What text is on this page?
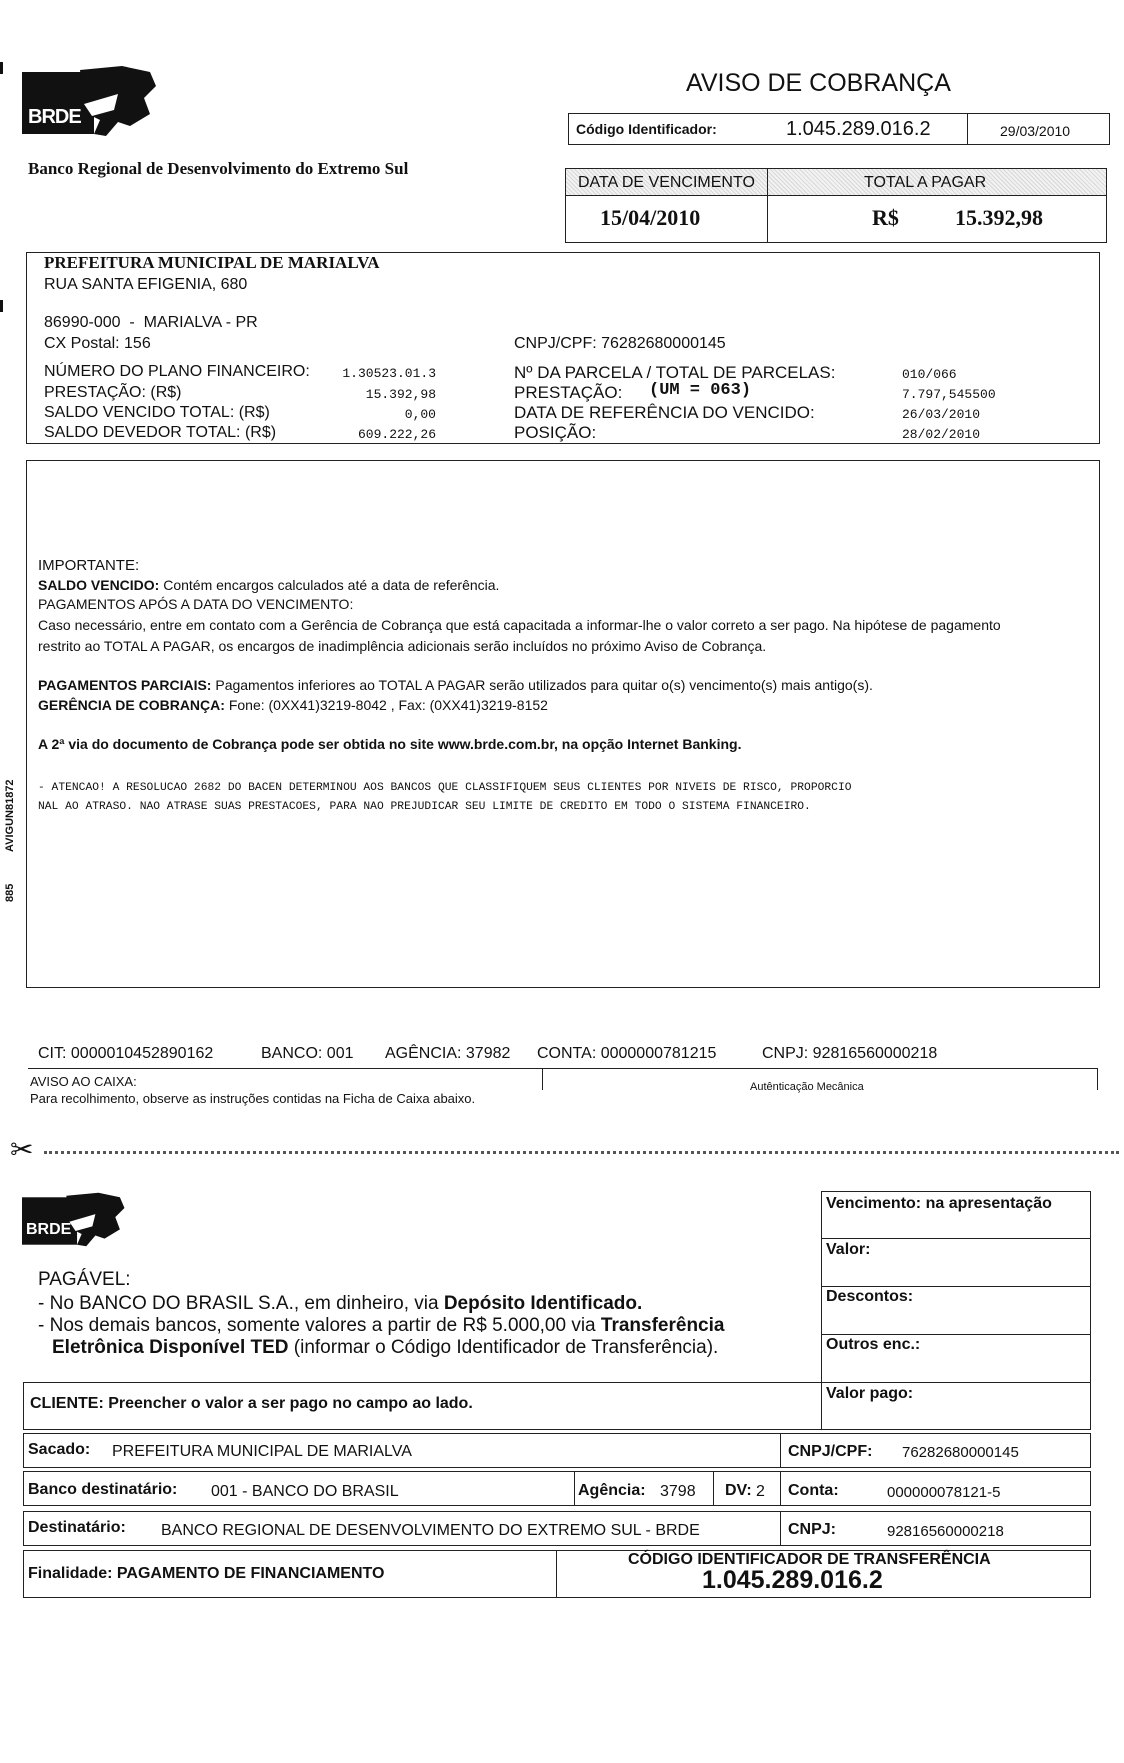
BRDE
Banco Regional de Desenvolvimento do Extremo Sul
AVISO DE COBRANÇA
Código Identificador:	1.045.289.016.2	29/03/2010
DATA DE VENCIMENTO	TOTAL A PAGAR
15/04/2010	R$	15.392,98
PREFEITURA MUNICIPAL DE MARIALVA
RUA SANTA EFIGENIA, 680
86990-000  -  MARIALVA - PR
CX Postal: 156	CNPJ/CPF: 76282680000145
NÚMERO DO PLANO FINANCEIRO:	1.30523.01.3
PRESTAÇÃO: (R$)	15.392,98
SALDO VENCIDO TOTAL: (R$)	0,00
SALDO DEVEDOR TOTAL: (R$)	609.222,26
Nº DA PARCELA / TOTAL DE PARCELAS:	010/066
PRESTAÇÃO: (UM = 063)	7.797,545500
DATA DE REFERÊNCIA DO VENCIDO:	26/03/2010
POSIÇÃO:	28/02/2010
IMPORTANTE:
SALDO VENCIDO: Contém encargos calculados até a data de referência.
PAGAMENTOS APÓS A DATA DO VENCIMENTO:
Caso necessário, entre em contato com a Gerência de Cobrança que está capacitada a informar-lhe o valor correto a ser pago. Na hipótese de pagamento restrito ao TOTAL A PAGAR, os encargos de inadimplência adicionais serão incluídos no próximo Aviso de Cobrança.
PAGAMENTOS PARCIAIS: Pagamentos inferiores ao TOTAL A PAGAR serão utilizados para quitar o(s) vencimento(s) mais antigo(s).
GERÊNCIA DE COBRANÇA: Fone: (0XX41)3219-8042 , Fax: (0XX41)3219-8152
A 2ª via do documento de Cobrança pode ser obtida no site www.brde.com.br, na opção Internet Banking.
- ATENCAO! A RESOLUCAO 2682 DO BACEN DETERMINOU AOS BANCOS QUE CLASSIFIQUEM SEUS CLIENTES POR NIVEIS DE RISCO, PROPORCIO
NAL AO ATRASO. NAO ATRASE SUAS PRESTACOES, PARA NAO PREJUDICAR SEU LIMITE DE CREDITO EM TODO O SISTEMA FINANCEIRO.
AVIGUN81872
885
CIT: 0000010452890162	BANCO: 001 AGÊNCIA: 37982 CONTA: 0000000781215	CNPJ: 92816560000218
AVISO AO CAIXA:
Para recolhimento, observe as instruções contidas na Ficha de Caixa abaixo.
Autênticação Mecânica
✂
BRDE
PAGÁVEL:
- No BANCO DO BRASIL S.A., em dinheiro, via Depósito Identificado.
- Nos demais bancos, somente valores a partir de R$ 5.000,00 via Transferência
Eletrônica Disponível TED (informar o Código Identificador de Transferência).
Vencimento: na apresentação
Valor:
Descontos:
Outros enc.:
Valor pago:
CLIENTE: Preencher o valor a ser pago no campo ao lado.
Sacado: PREFEITURA MUNICIPAL DE MARIALVA	CNPJ/CPF: 76282680000145
Banco destinatário: 001 - BANCO DO BRASIL	Agência: 3798 DV: 2 Conta:	000000078121-5
Destinatário: BANCO REGIONAL DE DESENVOLVIMENTO DO EXTREMO SUL - BRDE	CNPJ:	92816560000218
Finalidade: PAGAMENTO DE FINANCIAMENTO
CÓDIGO IDENTIFICADOR DE TRANSFERÊNCIA
1.045.289.016.2
